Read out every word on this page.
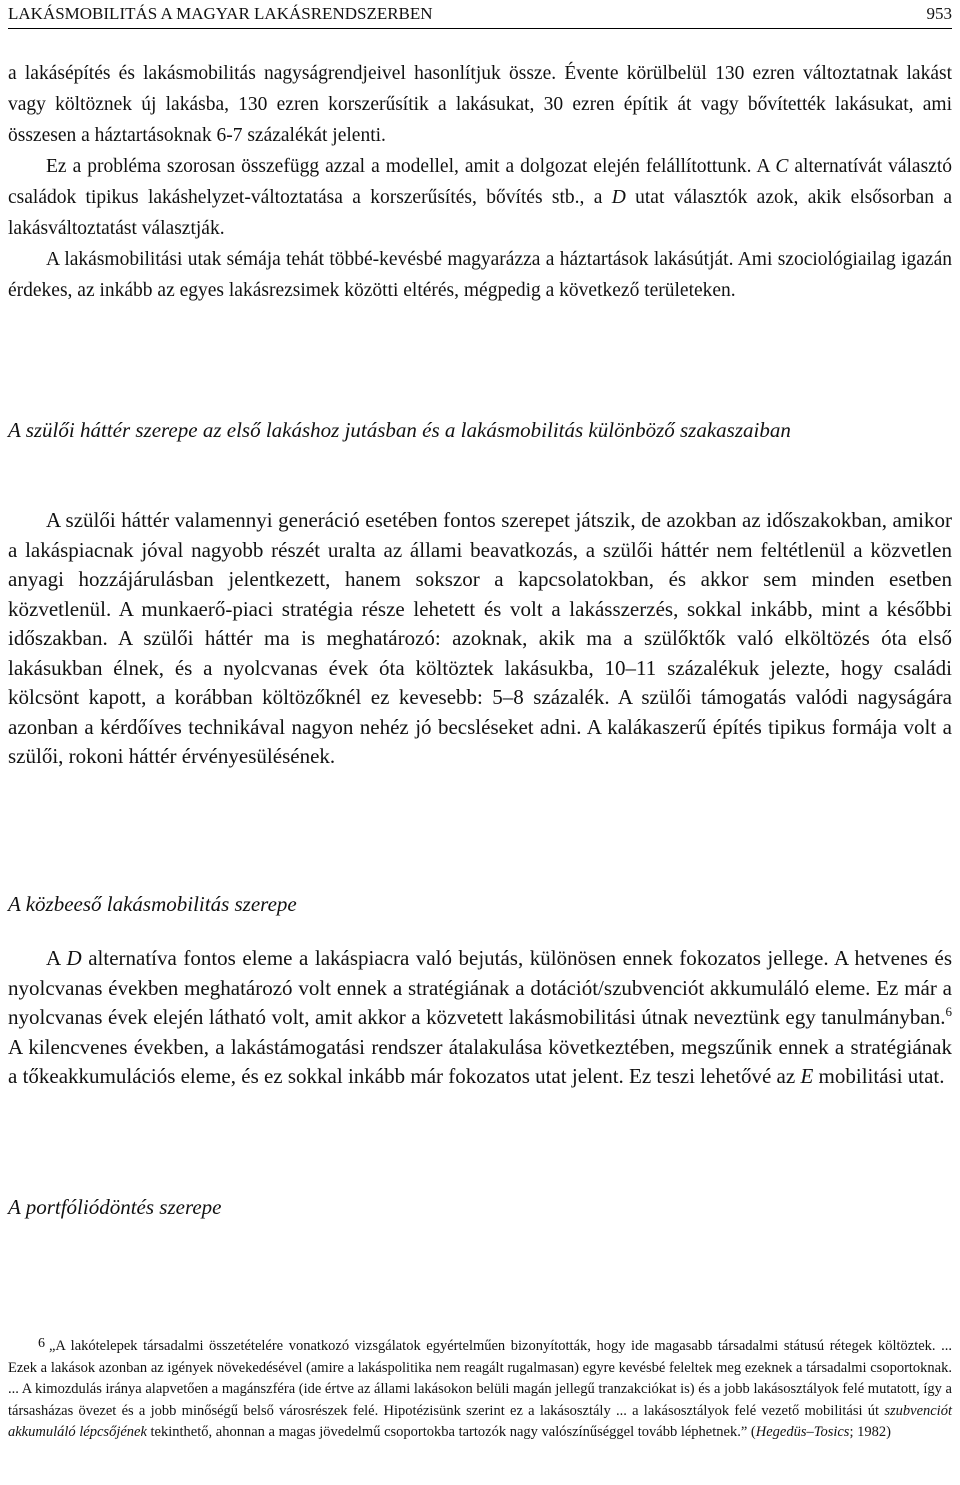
LAKÁSMOBILITÁS A MAGYAR LAKÁSRENDSZERBEN	953

a lakásépítés és lakásmobilitás nagyságrendjeivel hasonlítjuk össze. Évente körülbelül 130 ezren változtatnak lakást vagy költöznek új lakásba, 130 ezren korszerűsítik a lakásukat, 30 ezren építik át vagy bővítették lakásukat, ami összesen a háztartásoknak 6-7 százalékát jelenti.

Ez a probléma szorosan összefügg azzal a modellel, amit a dolgozat elején felállítottunk. A C alternatívát választó családok tipikus lakáshelyzet-változtatása a korszerűsítés, bővítés stb., a D utat választók azok, akik elsősorban a lakásváltoztatást választják.

A lakásmobilitási utak sémája tehát többé-kevésbé magyarázza a háztartások lakásútját. Ami szociológiailag igazán érdekes, az inkább az egyes lakásrezsimek közötti eltérés, mégpedig a következő területeken.

A szülői háttér szerepe az első lakáshoz jutásban és a lakásmobilitás különböző szakaszaiban

A szülői háttér valamennyi generáció esetében fontos szerepet játszik, de azokban az időszakokban, amikor a lakáspiacnak jóval nagyobb részét uralta az állami beavatkozás, a szülői háttér nem feltétlenül a közvetlen anyagi hozzájárulásban jelentkezett, hanem sokszor a kapcsolatokban, és akkor sem minden esetben közvetlenül. A munkaerő-piaci stratégia része lehetett és volt a lakásszerzés, sokkal inkább, mint a későbbi időszakban. A szülői háttér ma is meghatározó: azoknak, akik ma a szülőktők való elköltözés óta első lakásukban élnek, és a nyolcvanas évek óta költöztek lakásukba, 10–11 százalékuk jelezte, hogy családi kölcsönt kapott, a korábban költözőknél ez kevesebb: 5–8 százalék. A szülői támogatás valódi nagyságára azonban a kérdőíves technikával nagyon nehéz jó becsléseket adni. A kalákaszerű építés tipikus formája volt a szülői, rokoni háttér érvényesülésének.

A közbeeső lakásmobilitás szerepe

A D alternatíva fontos eleme a lakáspiacra való bejutás, különösen ennek fokozatos jellege. A hetvenes és nyolcvanas években meghatározó volt ennek a stratégiának a dotációt/szubvenciót akkumuláló eleme. Ez már a nyolcvanas évek elején látható volt, amit akkor a közvetett lakásmobilitási útnak neveztünk egy tanulmányban.$^6$ A kilencvenes években, a lakástámogatási rendszer átalakulása következtében, megszűnik ennek a stratégiának a tőkeakkumulációs eleme, és ez sokkal inkább már fokozatos utat jelent. Ez teszi lehetővé az E mobilitási utat.

A portfóliódöntés szerepe

6 „A lakótelepek társadalmi összetételére vonatkozó vizsgálatok egyértelműen bizonyították, hogy ide magasabb társadalmi státusú rétegek költöztek. ... Ezek a lakások azonban az igények növekedésével (amire a lakáspolitika nem reagált rugalmasan) egyre kevésbé feleltek meg ezeknek a társadalmi csoportoknak. ... A kimozdulás iránya alapvetően a magánszféra (ide értve az állami lakásokon belüli magán jellegű tranzakciókat is) és a jobb lakásosztályok felé mutatott, így a társasházas övezet és a jobb minőségű belső városrészek felé. Hipotézisünk szerint ez a lakásosztály ... a lakásosztályok felé vezető mobilitási út szubvenciót akkumuláló lépcsőjének tekinthető, ahonnan a magas jövedelmű csoportokba tartozók nagy valószínűséggel tovább léphetnek.” (Hegedüs–Tosics; 1982)
